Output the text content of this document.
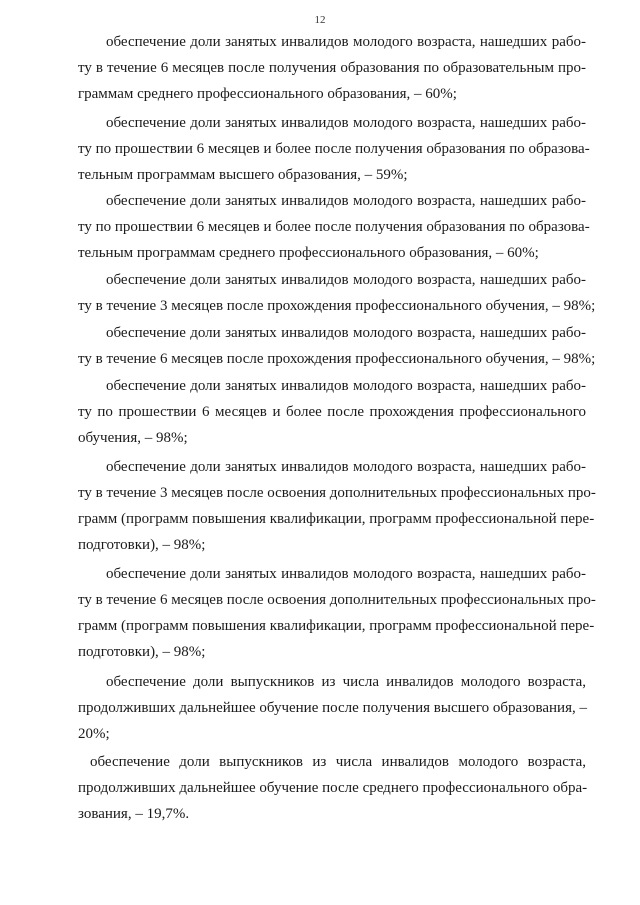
12
обеспечение доли занятых инвалидов молодого возраста, нашедших рабо-
ту в течение 6 месяцев после получения образования по образовательным про-
граммам среднего профессионального образования, – 60%;
обеспечение доли занятых инвалидов молодого возраста, нашедших рабо-
ту по прошествии 6 месяцев и более после получения образования по образова-
тельным программам высшего образования, – 59%;
обеспечение доли занятых инвалидов молодого возраста, нашедших рабо-
ту по прошествии 6 месяцев и более после получения образования по образова-
тельным программам среднего профессионального образования, – 60%;
обеспечение доли занятых инвалидов молодого возраста, нашедших рабо-
ту в течение 3 месяцев после прохождения профессионального обучения, – 98%;
обеспечение доли занятых инвалидов молодого возраста, нашедших рабо-
ту в течение 6 месяцев после прохождения профессионального обучения, – 98%;
обеспечение доли занятых инвалидов молодого возраста, нашедших рабо-
ту по прошествии 6 месяцев и более после прохождения профессионального
обучения, – 98%;
обеспечение доли занятых инвалидов молодого возраста, нашедших рабо-
ту в течение 3 месяцев после освоения дополнительных профессиональных про-
грамм (программ повышения квалификации, программ профессиональной пере-
подготовки), – 98%;
обеспечение доли занятых инвалидов молодого возраста, нашедших рабо-
ту в течение 6 месяцев после освоения дополнительных профессиональных про-
грамм (программ повышения квалификации, программ профессиональной пере-
подготовки), – 98%;
обеспечение доли выпускников из числа инвалидов молодого возраста,
продолживших дальнейшее обучение после получения высшего образования, –
20%;
обеспечение доли выпускников из числа инвалидов молодого возраста,
продолживших дальнейшее обучение после среднего профессионального обра-
зования, – 19,7%.
